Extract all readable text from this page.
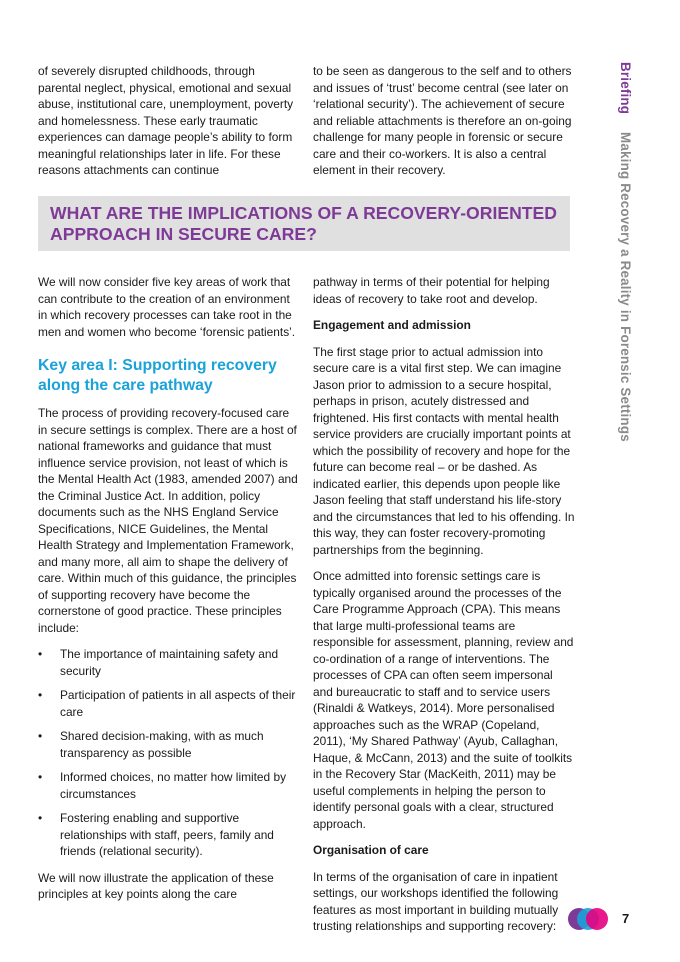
of severely disrupted childhoods, through parental neglect, physical, emotional and sexual abuse, institutional care, unemployment, poverty and homelessness. These early traumatic experiences can damage people’s ability to form meaningful relationships later in life. For these reasons attachments can continue

to be seen as dangerous to the self and to others and issues of ‘trust’ become central (see later on ‘relational security’). The achievement of secure and reliable attachments is therefore an on-going challenge for many people in forensic or secure care and their co-workers. It is also a central element in their recovery.

WHAT ARE THE IMPLICATIONS OF A RECOVERY-ORIENTED APPROACH IN SECURE CARE?

We will now consider five key areas of work that can contribute to the creation of an environment in which recovery processes can take root in the men and women who become ‘forensic patients’.

Key area I: Supporting recovery along the care pathway

The process of providing recovery-focused care in secure settings is complex. There are a host of national frameworks and guidance that must influence service provision, not least of which is the Mental Health Act (1983, amended 2007) and the Criminal Justice Act. In addition, policy documents such as the NHS England Service Specifications, NICE Guidelines, the Mental Health Strategy and Implementation Framework, and many more, all aim to shape the delivery of care. Within much of this guidance, the principles of supporting recovery have become the cornerstone of good practice. These principles include:

• The importance of maintaining safety and security
• Participation of patients in all aspects of their care
• Shared decision-making, with as much transparency as possible
• Informed choices, no matter how limited by circumstances
• Fostering enabling and supportive relationships with staff, peers, family and friends (relational security).

We will now illustrate the application of these principles at key points along the care

pathway in terms of their potential for helping ideas of recovery to take root and develop.

Engagement and admission

The first stage prior to actual admission into secure care is a vital first step. We can imagine Jason prior to admission to a secure hospital, perhaps in prison, acutely distressed and frightened. His first contacts with mental health service providers are crucially important points at which the possibility of recovery and hope for the future can become real – or be dashed. As indicated earlier, this depends upon people like Jason feeling that staff understand his life-story and the circumstances that led to his offending. In this way, they can foster recovery-promoting partnerships from the beginning.

Once admitted into forensic settings care is typically organised around the processes of the Care Programme Approach (CPA). This means that large multi-professional teams are responsible for assessment, planning, review and co-ordination of a range of interventions. The processes of CPA can often seem impersonal and bureaucratic to staff and to service users (Rinaldi & Watkeys, 2014). More personalised approaches such as the WRAP (Copeland, 2011), ‘My Shared Pathway’ (Ayub, Callaghan, Haque, & McCann, 2013) and the suite of toolkits in the Recovery Star (MacKeith, 2011) may be useful complements in helping the person to identify personal goals with a clear, structured approach.

Organisation of care

In terms of the organisation of care in inpatient settings, our workshops identified the following features as most important in building mutually trusting relationships and supporting recovery:

Briefing Making Recovery a Reality in Forensic Settings
7
